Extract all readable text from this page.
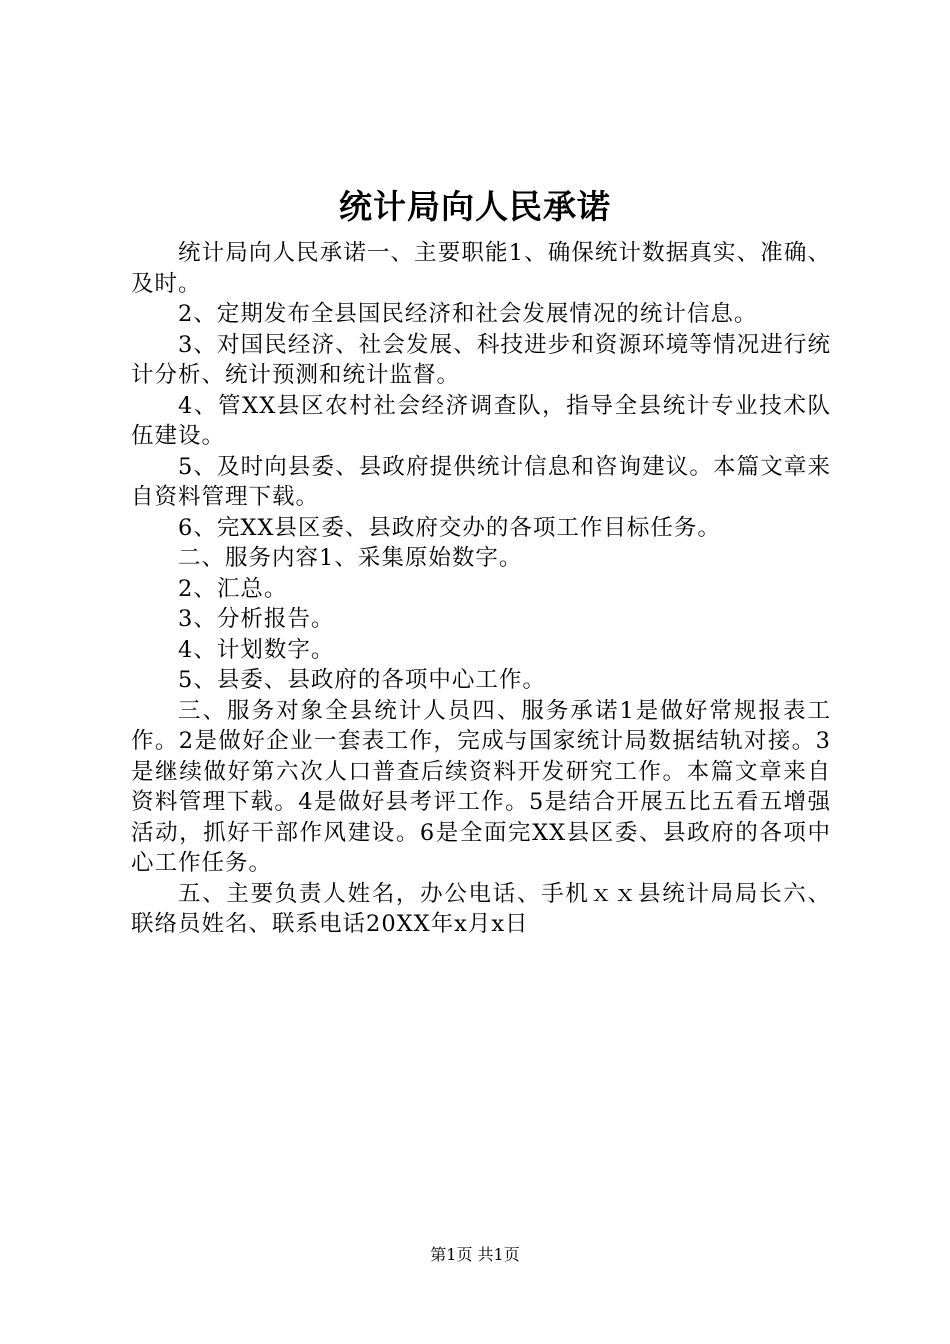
统计局向人民承诺

统计局向人民承诺一、主要职能1、确保统计数据真实、准确、及时。

2、定期发布全县国民经济和社会发展情况的统计信息。

3、对国民经济、社会发展、科技进步和资源环境等情况进行统计分析、统计预测和统计监督。

4、管XX县区农村社会经济调查队，指导全县统计专业技术队伍建设。

5、及时向县委、县政府提供统计信息和咨询建议。本篇文章来自资料管理下载。

6、完XX县区委、县政府交办的各项工作目标任务。

二、服务内容1、采集原始数字。

2、汇总。

3、分析报告。

4、计划数字。

5、县委、县政府的各项中心工作。

三、服务对象全县统计人员四、服务承诺1是做好常规报表工作。2是做好企业一套表工作，完成与国家统计局数据结轨对接。3是继续做好第六次人口普查后续资料开发研究工作。本篇文章来自资料管理下载。4是做好县考评工作。5是结合开展五比五看五增强活动，抓好干部作风建设。6是全面完XX县区委、县政府的各项中心工作任务。

五、主要负责人姓名，办公电话、手机ｘｘ县统计局局长六、联络员姓名、联系电话20XX年x月x日

第1页 共1页
